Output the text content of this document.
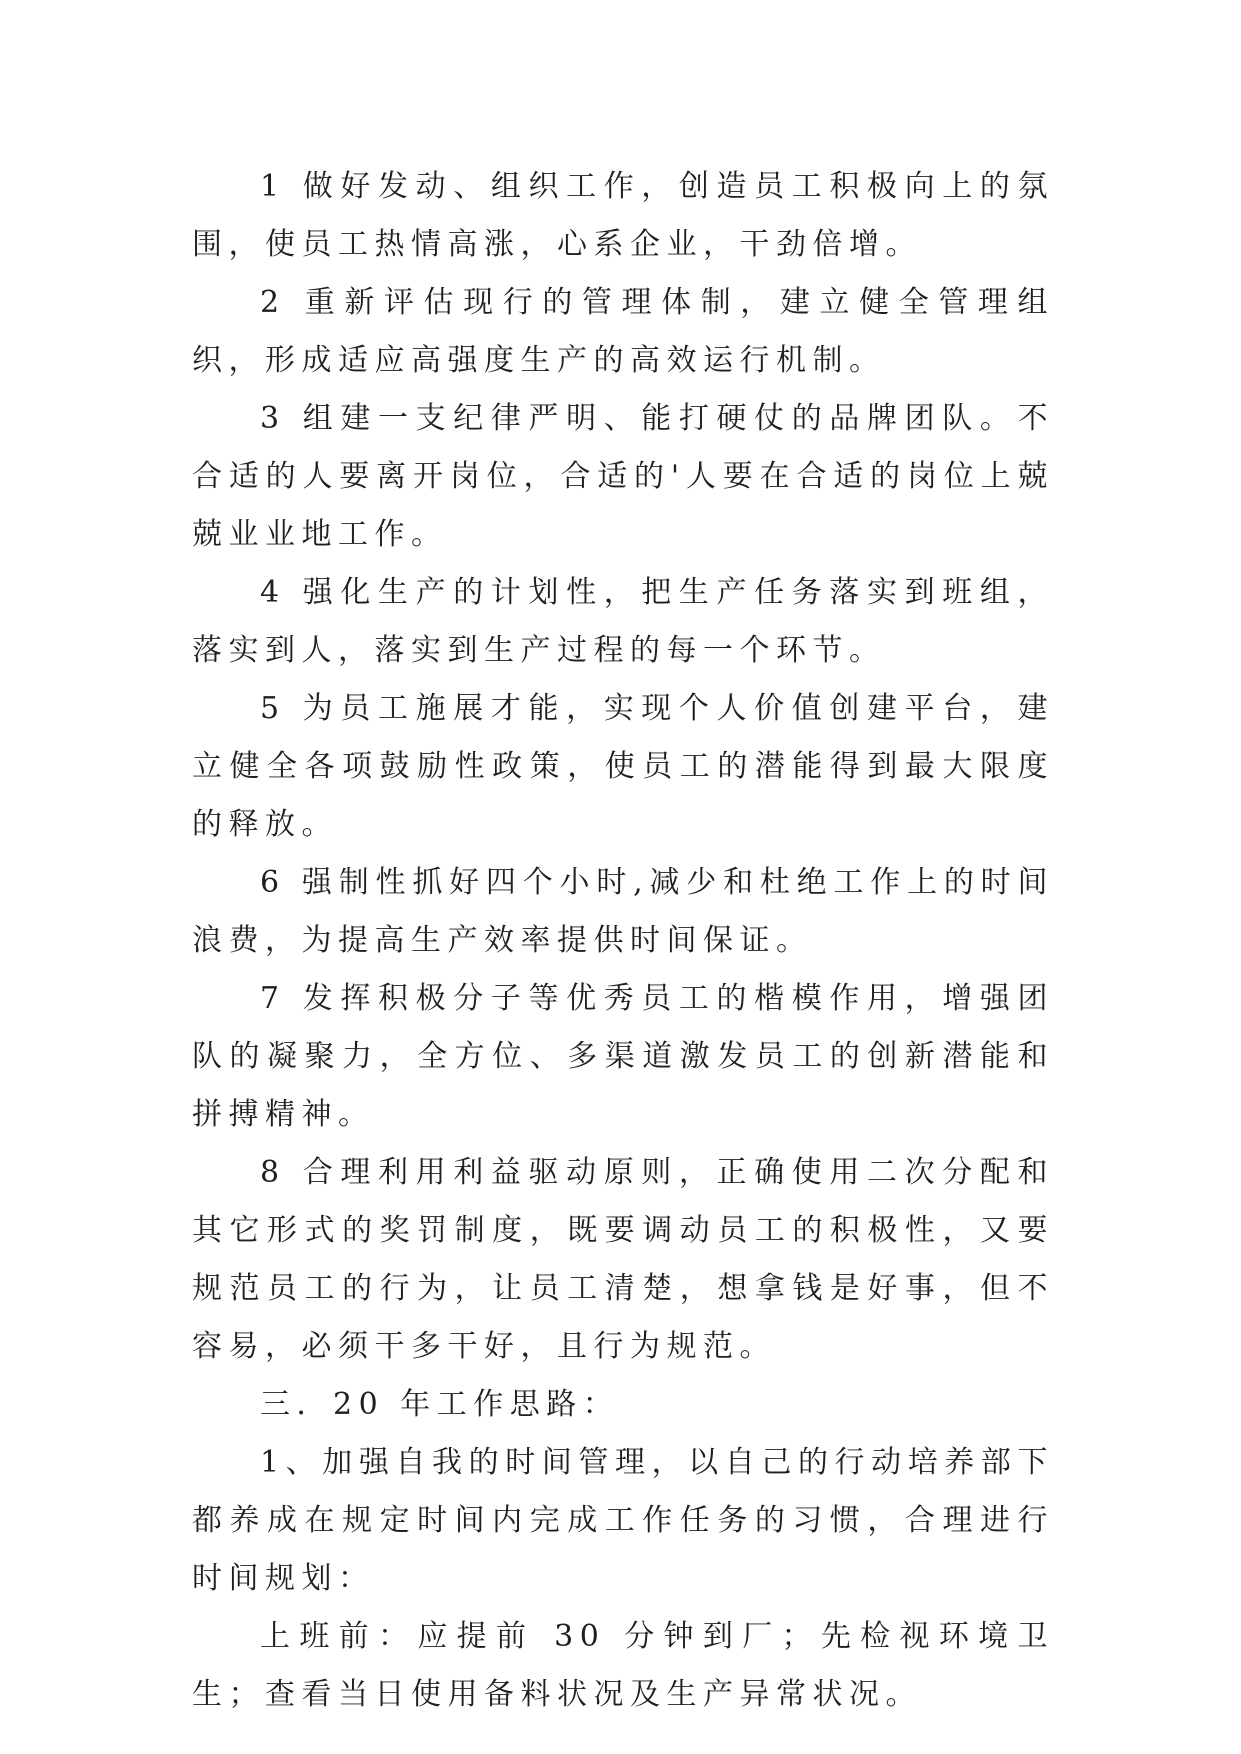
1 做好发动、组织工作，创造员工积极向上的氛围，使员工热情高涨，心系企业，干劲倍增。

2 重新评估现行的管理体制，建立健全管理组织，形成适应高强度生产的高效运行机制。

3 组建一支纪律严明、能打硬仗的品牌团队。不合适的人要离开岗位，合适的'人要在合适的岗位上兢兢业业地工作。

4 强化生产的计划性，把生产任务落实到班组，落实到人，落实到生产过程的每一个环节。

5 为员工施展才能，实现个人价值创建平台，建立健全各项鼓励性政策，使员工的潜能得到最大限度的释放。

6 强制性抓好四个小时,减少和杜绝工作上的时间浪费，为提高生产效率提供时间保证。

7 发挥积极分子等优秀员工的楷模作用，增强团队的凝聚力，全方位、多渠道激发员工的创新潜能和拼搏精神。

8 合理利用利益驱动原则，正确使用二次分配和其它形式的奖罚制度，既要调动员工的积极性，又要规范员工的行为，让员工清楚，想拿钱是好事，但不容易，必须干多干好，且行为规范。

三．20 年工作思路：

1、加强自我的时间管理，以自己的行动培养部下都养成在规定时间内完成工作任务的习惯，合理进行时间规划：

上班前：应提前 30 分钟到厂；先检视环境卫生；查看当日使用备料状况及生产异常状况。
